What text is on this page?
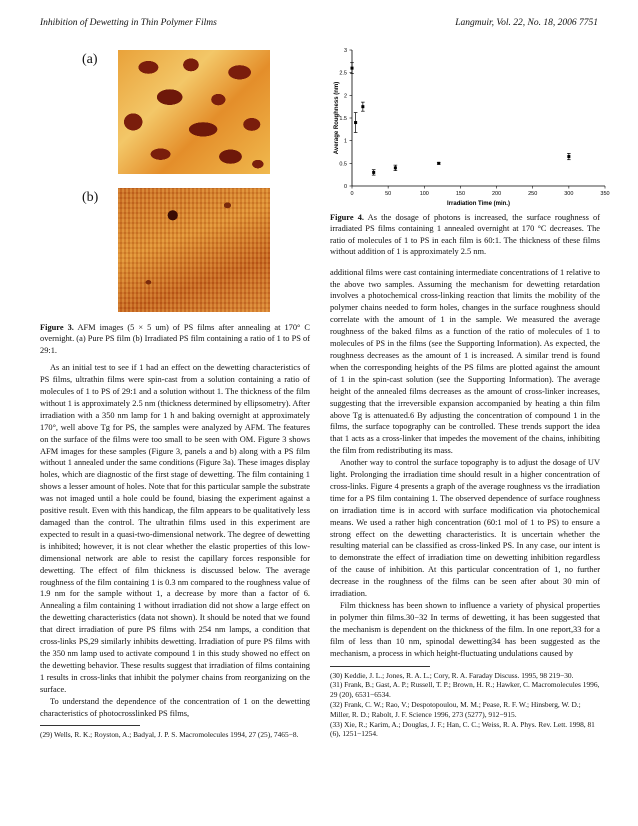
Inhibition of Dewetting in Thin Polymer Films	Langmuir, Vol. 22, No. 18, 2006 7751
(a)
(b)

Figure 3. AFM images (5 × 5 um) of PS films after annealing at 170° C overnight. (a) Pure PS film (b) Irradiated PS film containing a ratio of 1 to PS of 29:1.

As an initial test to see if 1 had an effect on the dewetting characteristics of PS films, ultrathin films were spin-cast from a solution containing a ratio of molecules of 1 to PS of 29:1 and a solution without 1. The thickness of the film without 1 is approximately 2.5 nm (thickness determined by ellipsometry). After irradiation with a 350 nm lamp for 1 h and baking overnight at approximately 170°, well above Tg for PS, the samples were analyzed by AFM. The features on the surface of the films were too small to be seen with OM. Figure 3 shows AFM images for these samples (Figure 3, panels a and b) along with a PS film without 1 annealed under the same conditions (Figure 3a). These images display holes, which are diagnostic of the first stage of dewetting. The film containing 1 shows a lesser amount of holes. Note that for this particular sample the substrate was not imaged until a hole could be found, biasing the experiment against a positive result. Even with this handicap, the film appears to be qualitatively less damaged than the control. The ultrathin films used in this experiment are expected to result in a quasi-two-dimensional network. The degree of dewetting is inhibited; however, it is not clear whether the elastic properties of this low-dimensional network are able to resist the capillary forces responsible for dewetting. The effect of film thickness is discussed below. The average roughness of the film containing 1 is 0.3 nm compared to the roughness value of 1.9 nm for the sample without 1, a decrease by more than a factor of 6. Annealing a film containing 1 without irradiation did not show a large effect on the dewetting characteristics (data not shown). It should be noted that we found that direct irradiation of pure PS films with 254 nm lamps, a condition that cross-links PS,29 similarly inhibits dewetting. Irradiation of pure PS films with the 350 nm lamp used to activate compound 1 in this study showed no effect on the dewetting behavior. These results suggest that irradiation of films containing 1 results in cross-links that inhibit the polymer chains from reorganizing on the surface.

To understand the dependence of the concentration of 1 on the dewetting characteristics of photocrosslinked PS films,

(29) Wells, R. K.; Royston, A.; Badyal, J. P. S. Macromolecules 1994, 27 (25), 7465−8.

0	50	100	150	200	250	300	350
0
0.5
1
1.5
2
2.5
3
Irradiation Time (min.)
Average Roughness (nm)

Figure 4. As the dosage of photons is increased, the surface roughness of irradiated PS films containing 1 annealed overnight at 170 °C decreases. The ratio of molecules of 1 to PS in each film is 60:1. The thickness of these films without addition of 1 is approximately 2.5 nm.

additional films were cast containing intermediate concentrations of 1 relative to the above two samples. Assuming the mechanism for dewetting retardation involves a photochemical cross-linking reaction that limits the mobility of the polymer chains needed to form holes, changes in the surface roughness should correlate with the amount of 1 in the sample. We measured the average roughness of the baked films as a function of the ratio of molecules of 1 to molecules of PS in the films (see the Supporting Information). As expected, the roughness decreases as the amount of 1 is increased. A similar trend is found when the corresponding heights of the PS films are plotted against the amount of 1 in the spin-cast solution (see the Supporting Information). The average height of the annealed films decreases as the amount of cross-linker increases, suggesting that the irreversible expansion accompanied by heating a thin film above Tg is attenuated.6 By adjusting the concentration of compound 1 in the films, the surface topography can be controlled. These trends support the idea that 1 acts as a cross-linker that impedes the movement of the chains, inhibiting the film from redistributing its mass.

Another way to control the surface topography is to adjust the dosage of UV light. Prolonging the irradiation time should result in a higher concentration of cross-links. Figure 4 presents a graph of the average roughness vs the irradiation time for a PS film containing 1. The observed dependence of surface roughness on irradiation time is in accord with surface modification via photochemical means. We used a rather high concentration (60:1 mol of 1 to PS) to ensure a strong effect on the dewetting characteristics. It is uncertain whether the resulting material can be classified as cross-linked PS. In any case, our intent is to demonstrate the effect of irradiation time on dewetting inhibition regardless of the cause of inhibition. At this particular concentration of 1, no further decrease in the roughness of the films can be seen after about 30 min of irradiation.

Film thickness has been shown to influence a variety of physical properties in polymer thin films.30−32 In terms of dewetting, it has been suggested that the mechanism is dependent on the thickness of the film. In one report,33 for a film of less than 10 nm, spinodal dewetting34 has been suggested as the mechanism, a process in which height-fluctuating undulations caused by

(30) Keddie, J. L.; Jones, R. A. L.; Cory, R. A. Faraday Discuss. 1995, 98 219−30.

(31) Frank, B.; Gast, A. P.; Russell, T. P.; Brown, H. R.; Hawker, C. Macromolecules 1996, 29 (20), 6531−6534.

(32) Frank, C. W.; Rao, V.; Despotopoulou, M. M.; Pease, R. F. W.; Hinsberg, W. D.; Miller, R. D.; Rabolt, J. F. Science 1996, 273 (5277), 912−915.

(33) Xie, R.; Karim, A.; Douglas, J. F.; Han, C. C.; Weiss, R. A. Phys. Rev. Lett. 1998, 81 (6), 1251−1254.
